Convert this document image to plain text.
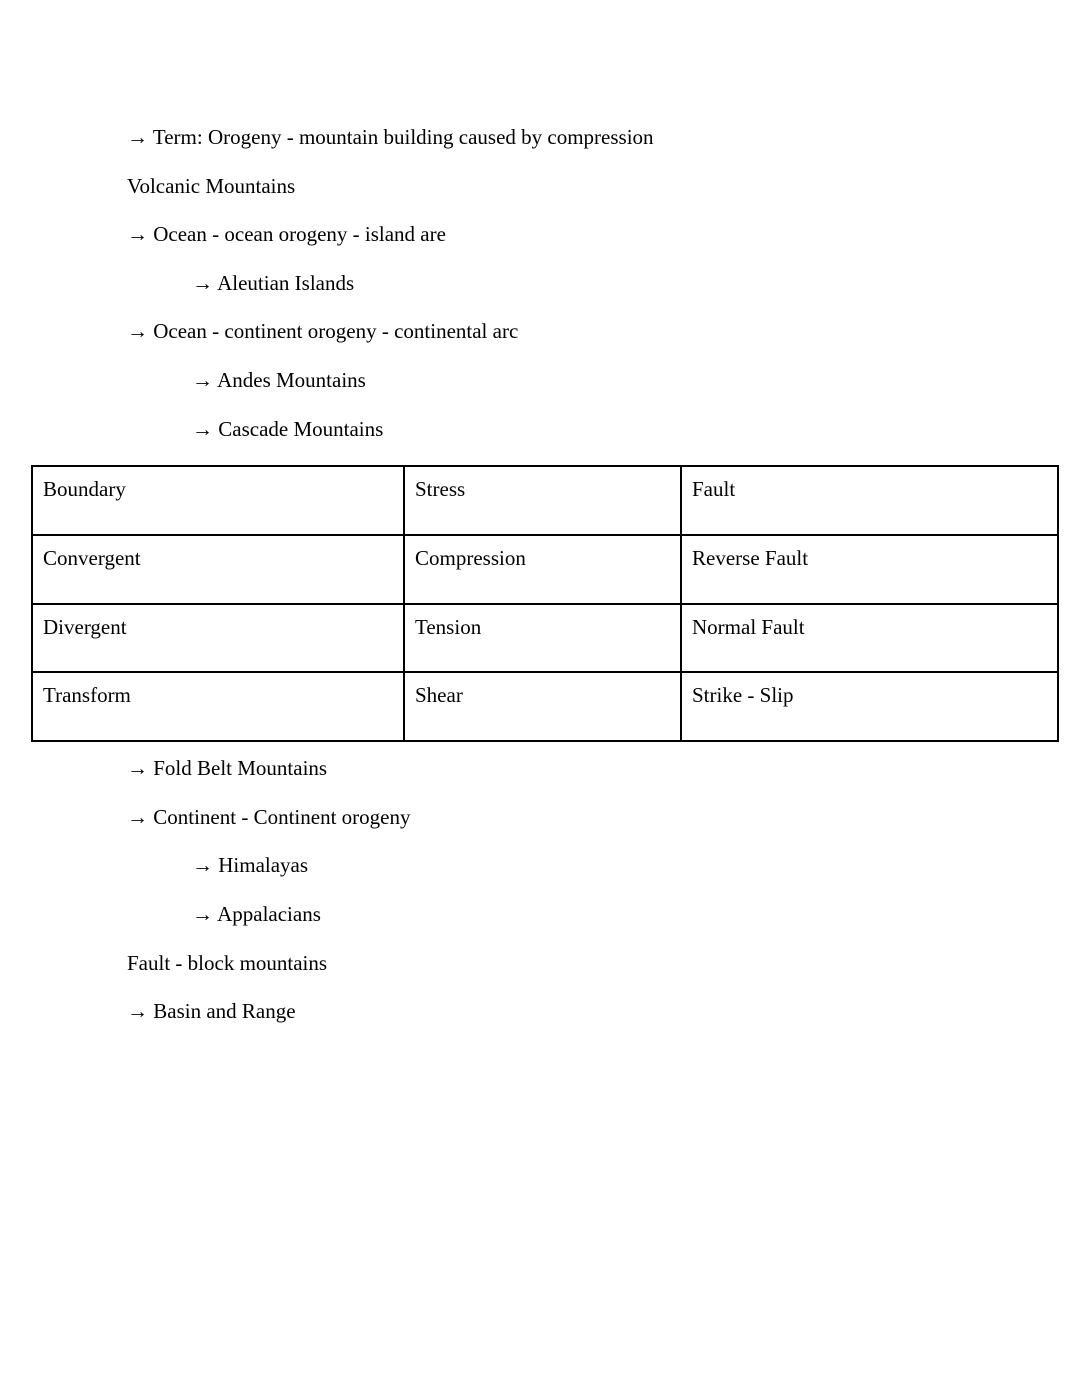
→ Term: Orogeny - mountain building caused by compression

Volcanic Mountains

→ Ocean - ocean orogeny - island are

→ Aleutian Islands

→ Ocean - continent orogeny - continental arc

→ Andes Mountains

→ Cascade Mountains

Boundary	Stress	Fault
Convergent	Compression	Reverse Fault
Divergent	Tension	Normal Fault
Transform	Shear	Strike - Slip

→ Fold Belt Mountains

→ Continent - Continent orogeny

→ Himalayas

→ Appalacians

Fault - block mountains

→ Basin and Range
